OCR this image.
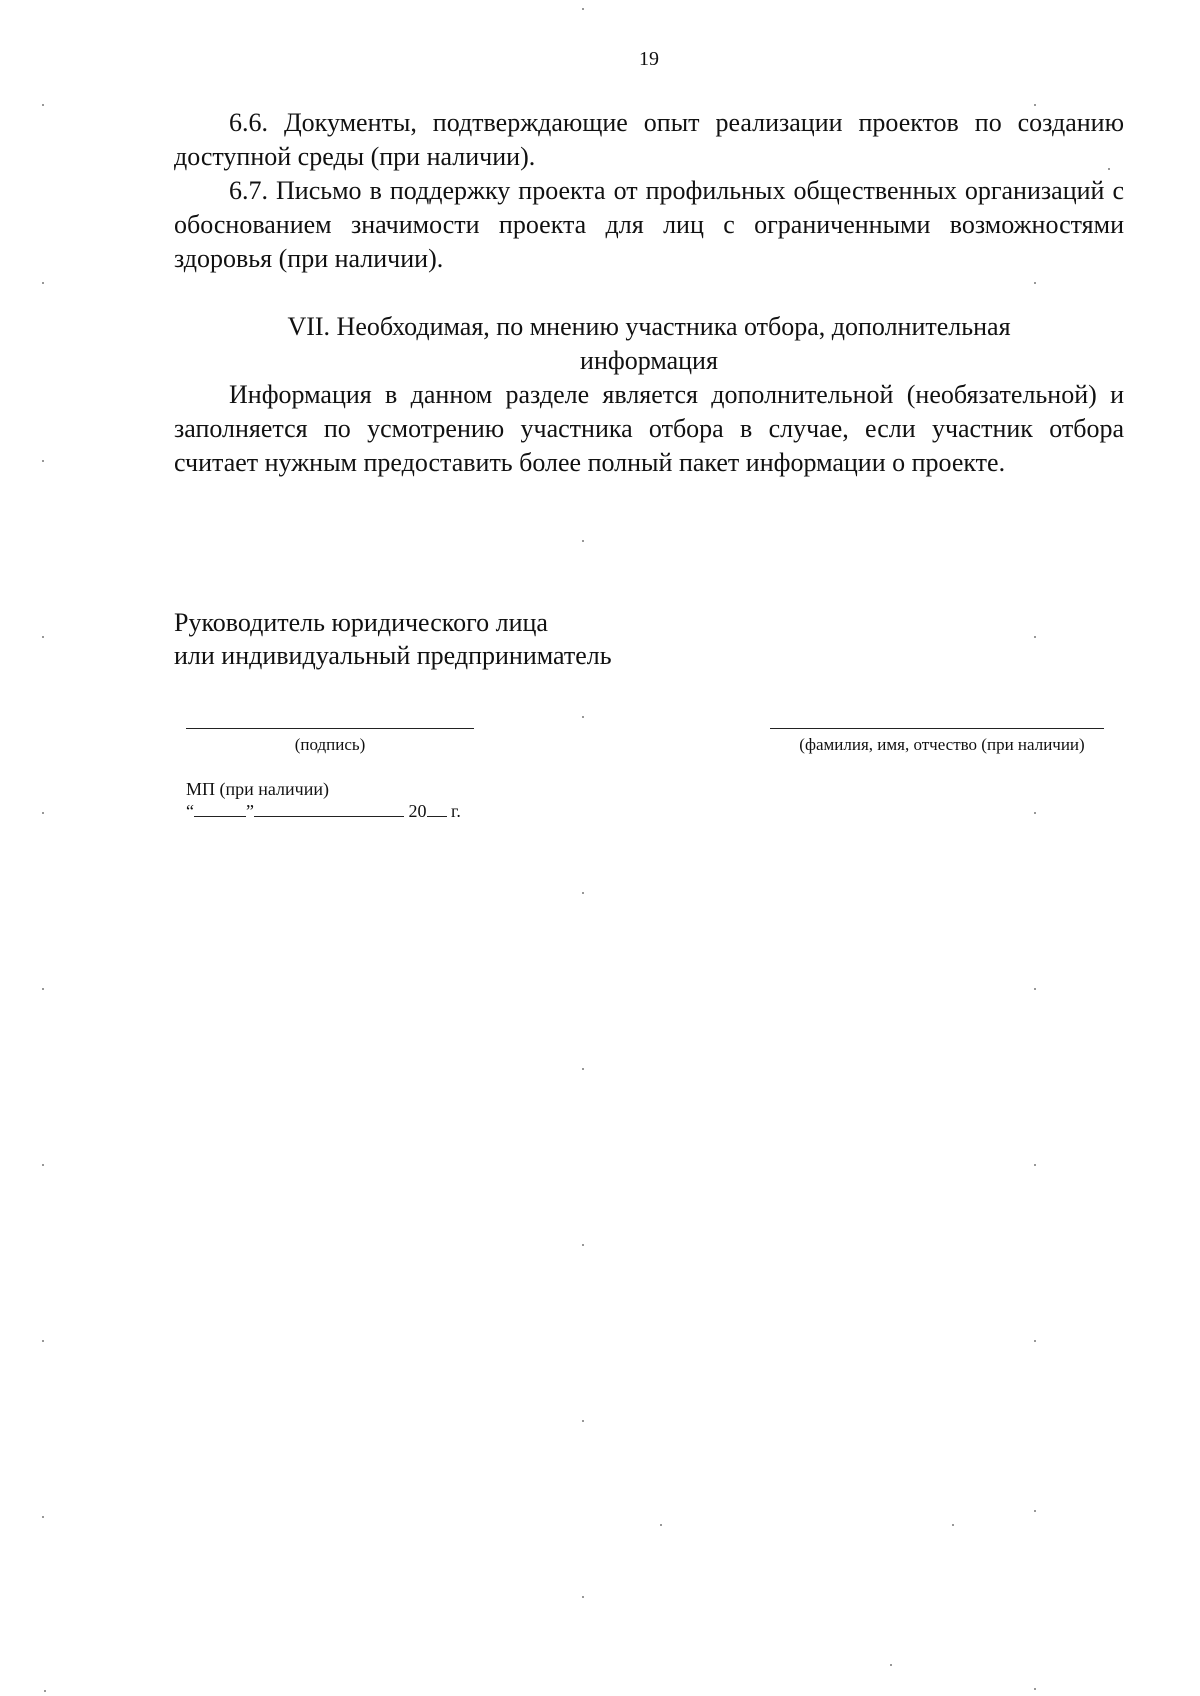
19

6.6. Документы, подтверждающие опыт реализации проектов по созданию доступной среды (при наличии).

6.7. Письмо в поддержку проекта от профильных общественных организаций с обоснованием значимости проекта для лиц с ограниченными возможностями здоровья (при наличии).

VII. Необходимая, по мнению участника отбора, дополнительная
информация

Информация в данном разделе является дополнительной (необязательной) и заполняется по усмотрению участника отбора в случае, если участник отбора считает нужным предоставить более полный пакет информации о проекте.

Руководитель юридического лица
или индивидуальный предприниматель
(подпись)	(фамилия, имя, отчество (при наличии)
МП (при наличии)
“	”	20 г.
